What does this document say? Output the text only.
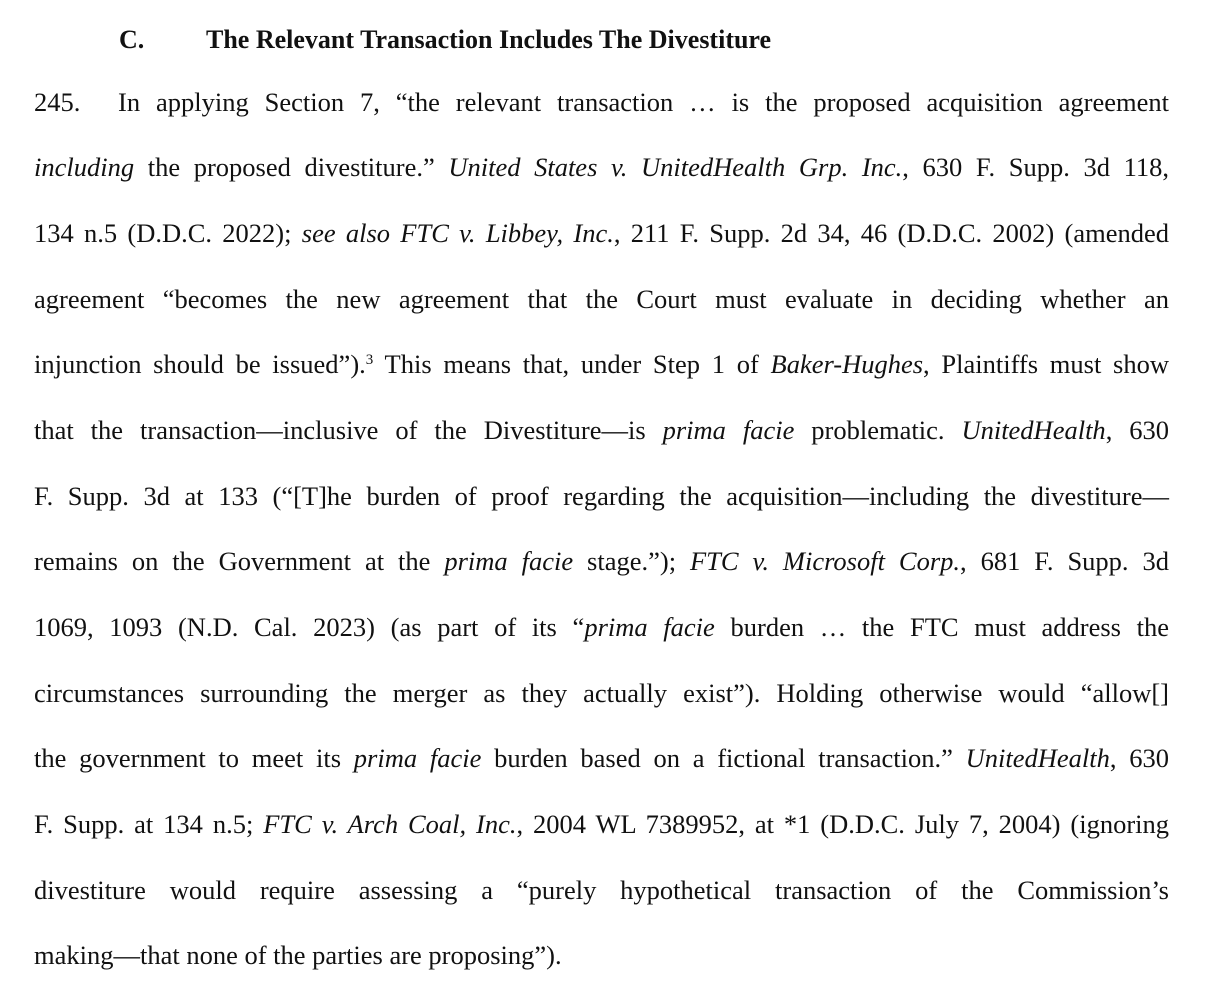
C. The Relevant Transaction Includes The Divestiture
245. In applying Section 7, “the relevant transaction … is the proposed acquisition agreement
including the proposed divestiture.” United States v. UnitedHealth Grp. Inc., 630 F. Supp. 3d 118,
134 n.5 (D.D.C. 2022); see also FTC v. Libbey, Inc., 211 F. Supp. 2d 34, 46 (D.D.C. 2002) (amended
agreement “becomes the new agreement that the Court must evaluate in deciding whether an
injunction should be issued”).$^3$ This means that, under Step 1 of Baker-Hughes, Plaintiffs must show
that the transaction—inclusive of the Divestiture—is prima facie problematic. UnitedHealth, 630
F. Supp. 3d at 133 (“[T]he burden of proof regarding the acquisition—including the divestiture—
remains on the Government at the prima facie stage.”); FTC v. Microsoft Corp., 681 F. Supp. 3d
1069, 1093 (N.D. Cal. 2023) (as part of its “prima facie burden … the FTC must address the
circumstances surrounding the merger as they actually exist”). Holding otherwise would “allow[]
the government to meet its prima facie burden based on a fictional transaction.” UnitedHealth, 630
F. Supp. at 134 n.5; FTC v. Arch Coal, Inc., 2004 WL 7389952, at *1 (D.D.C. July 7, 2004) (ignoring
divestiture would require assessing a “purely hypothetical transaction of the Commission’s
making—that none of the parties are proposing”).
